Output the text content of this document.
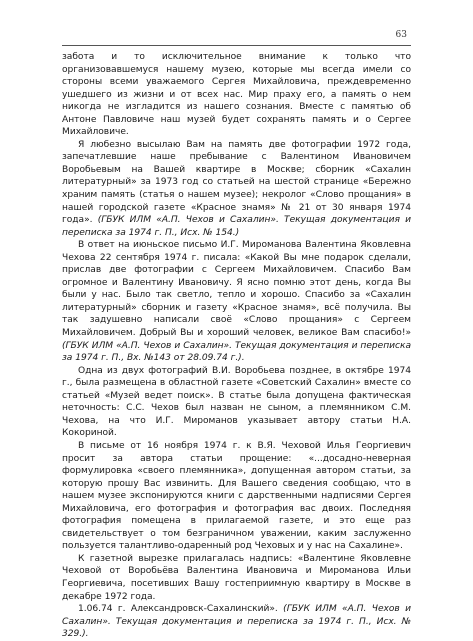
63

забота и то исключительное внимание к только что организовавшемуся нашему музею, которые мы всегда имели со стороны всеми уважаемого Сергея Михайловича, преждевременно ушедшего из жизни и от всех нас. Мир праху его, а память о нем никогда не изгладится из нашего сознания. Вместе с памятью об Антоне Павловиче наш музей будет сохранять память и о Сергее Михайловиче.

Я любезно высылаю Вам на память две фотографии 1972 года, запечатлевшие наше пребывание с Валентином Ивановичем Воробьевым на Вашей квартире в Москве; сборник «Сахалин литературный» за 1973 год со статьей на шестой странице «Бережно храним память (статья о нашем музее); некролог «Слово прощания» в нашей городской газете «Красное знамя» № 21 от 30 января 1974 года». (ГБУК ИЛМ «А.П. Чехов и Сахалин». Текущая документация и переписка за 1974 г. П., Исх. № 154.)

В ответ на июньское письмо И.Г. Мироманова Валентина Яковлевна Чехова 22 сентября 1974 г. писала: «Какой Вы мне подарок сделали, прислав две фотографии с Сергеем Михайловичем. Спасибо Вам огромное и Валентину Ивановичу. Я ясно помню этот день, когда Вы были у нас. Было так светло, тепло и хорошо. Спасибо за «Сахалин литературный» сборник и газету «Красное знамя», всё получила. Вы так задушевно написали своё «Слово прощания» с Сергеем Михайловичем. Добрый Вы и хороший человек, великое Вам спасибо!» (ГБУК ИЛМ «А.П. Чехов и Сахалин». Текущая документация и переписка за 1974 г. П., Вх. №143 от 28.09.74 г.).

Одна из двух фотографий В.И. Воробьева позднее, в октябре 1974 г., была размещена в областной газете «Советский Сахалин» вместе со статьей «Музей ведет поиск». В статье была допущена фактическая неточность: С.С. Чехов был назван не сыном, а племянником С.М. Чехова, на что И.Г. Мироманов указывает автору статьи Н.А. Кокориной.

В письме от 16 ноября 1974 г. к В.Я. Чеховой Илья Георгиевич просит за автора статьи прощение: «...досадно-неверная формулировка «своего племянника», допущенная автором статьи, за которую прошу Вас извинить. Для Вашего сведения сообщаю, что в нашем музее экспонируются книги с дарственными надписями Сергея Михайловича, его фотография и фотография вас двоих. Последняя фотография помещена в прилагаемой газете, и это еще раз свидетельствует о том безграничном уважении, каким заслуженно пользуется талантливо-одаренный род Чеховых и у нас на Сахалине».

К газетной вырезке прилагалась надпись: «Валентине Яковлевне Чеховой от Воробьёва Валентина Ивановича и Мироманова Ильи Георгиевича, посетивших Вашу гостеприимную квартиру в Москве в декабре 1972 года.

1.06.74 г. Александровск-Сахалинский». (ГБУК ИЛМ «А.П. Чехов и Сахалин». Текущая документация и переписка за 1974 г. П., Исх. № 329.).
